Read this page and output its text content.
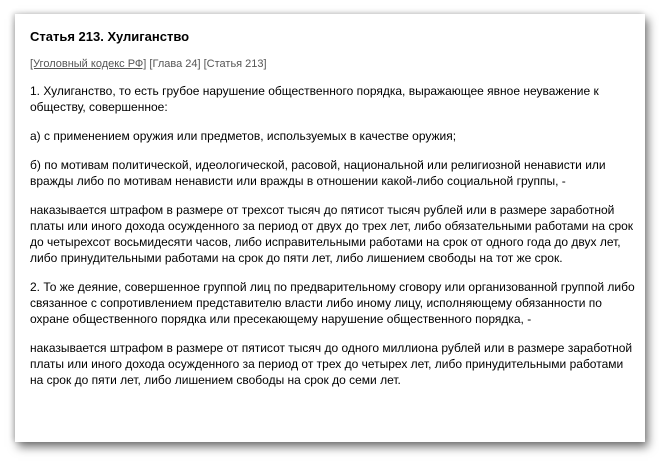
Статья 213. Хулиганство
[Уголовный кодекс РФ] [Глава 24] [Статья 213]
1. Хулиганство, то есть грубое нарушение общественного порядка, выражающее явное неуважение к обществу, совершенное:
а) с применением оружия или предметов, используемых в качестве оружия;
б) по мотивам политической, идеологической, расовой, национальной или религиозной ненависти или вражды либо по мотивам ненависти или вражды в отношении какой-либо социальной группы, -
наказывается штрафом в размере от трехсот тысяч до пятисот тысяч рублей или в размере заработной платы или иного дохода осужденного за период от двух до трех лет, либо обязательными работами на срок до четырехсот восьмидесяти часов, либо исправительными работами на срок от одного года до двух лет, либо принудительными работами на срок до пяти лет, либо лишением свободы на тот же срок.
2. То же деяние, совершенное группой лиц по предварительному сговору или организованной группой либо связанное с сопротивлением представителю власти либо иному лицу, исполняющему обязанности по охране общественного порядка или пресекающему нарушение общественного порядка, -
наказывается штрафом в размере от пятисот тысяч до одного миллиона рублей или в размере заработной платы или иного дохода осужденного за период от трех до четырех лет, либо принудительными работами на срок до пяти лет, либо лишением свободы на срок до семи лет.
